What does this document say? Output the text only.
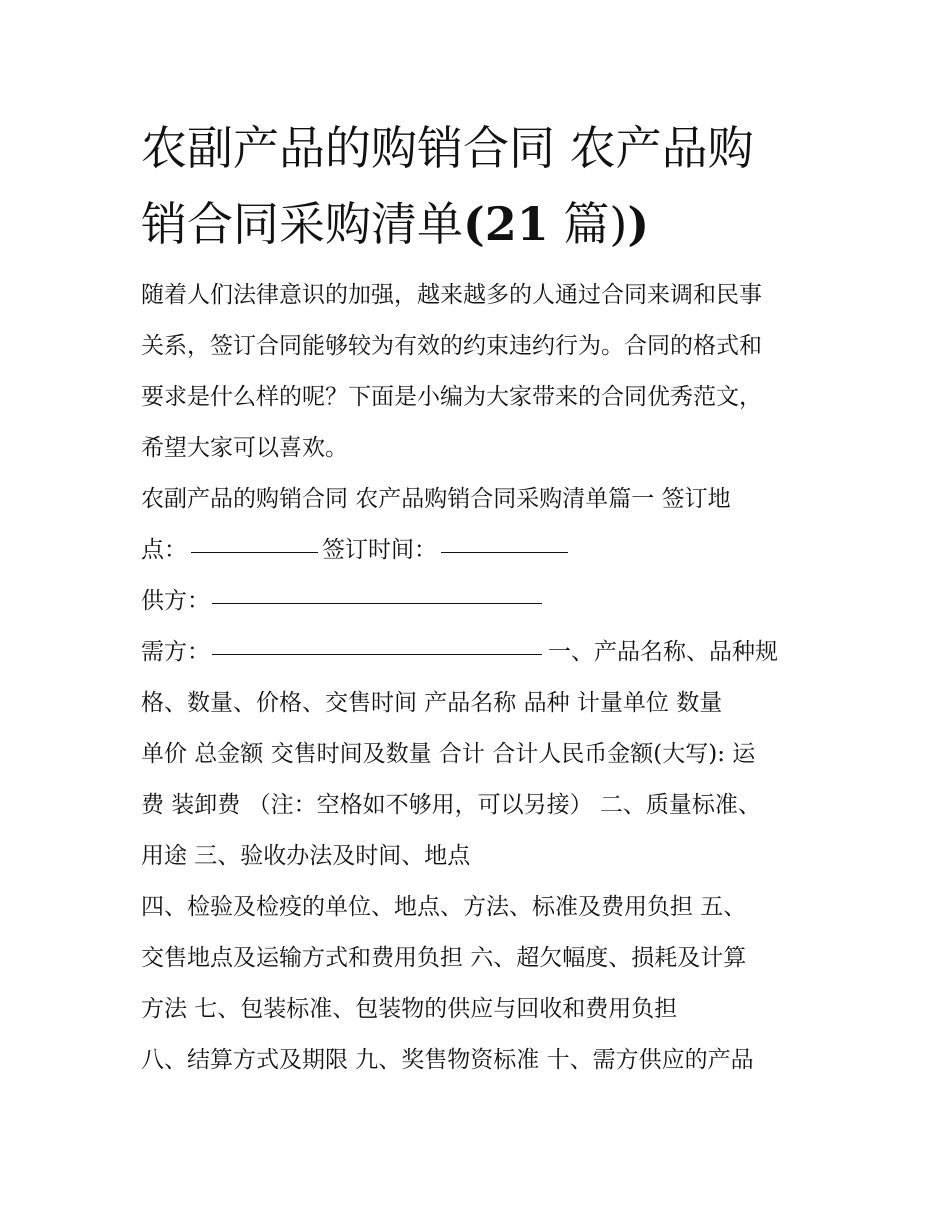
农副产品的购销合同 农产品购
销合同采购清单(21 篇))
随着人们法律意识的加强，越来越多的人通过合同来调和民事
关系，签订合同能够较为有效的约束违约行为。合同的格式和
要求是什么样的呢？下面是小编为大家带来的合同优秀范文，
希望大家可以喜欢。
农副产品的购销合同 农产品购销合同采购清单篇一 签订地
点：	签订时间：
供方：
需方：	一、产品名称、品种规
格、数量、价格、交售时间 产品名称 品种 计量单位 数量
单价 总金额 交售时间及数量 合计 合计人民币金额(大写): 运
费 装卸费 （注：空格如不够用，可以另接） 二、质量标准、
用途 三、验收办法及时间、地点
四、检验及检疫的单位、地点、方法、标准及费用负担 五、
交售地点及运输方式和费用负担 六、超欠幅度、损耗及计算
方法 七、包装标准、包装物的供应与回收和费用负担
八、结算方式及期限 九、奖售物资标准 十、需方供应的产品
